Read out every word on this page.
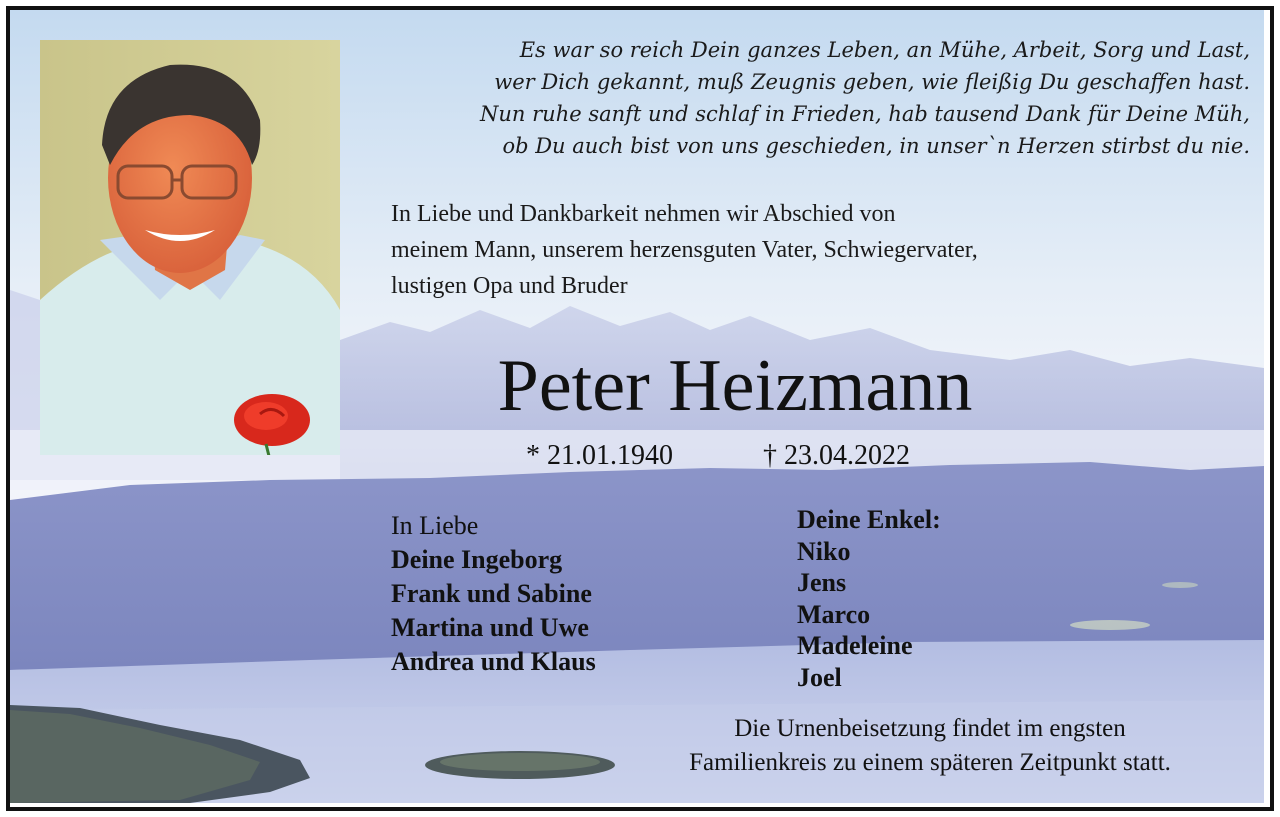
Es war so reich Dein ganzes Leben, an Mühe, Arbeit, Sorg und Last,
wer Dich gekannt, muß Zeugnis geben, wie fleißig Du geschaffen hast.
Nun ruhe sanft und schlaf in Frieden, hab tausend Dank für Deine Müh,
ob Du auch bist von uns geschieden, in unser`n Herzen stirbst du nie.
In Liebe und Dankbarkeit nehmen wir Abschied von
meinem Mann, unserem herzensguten Vater, Schwiegervater,
lustigen Opa und Bruder
Peter Heizmann
* 21.01.1940	† 23.04.2022
In Liebe
Deine Ingeborg
Frank und Sabine
Martina und Uwe
Andrea und Klaus
Deine Enkel:
Niko
Jens
Marco
Madeleine
Joel
Die Urnenbeisetzung findet im engsten
Familienkreis zu einem späteren Zeitpunkt statt.
